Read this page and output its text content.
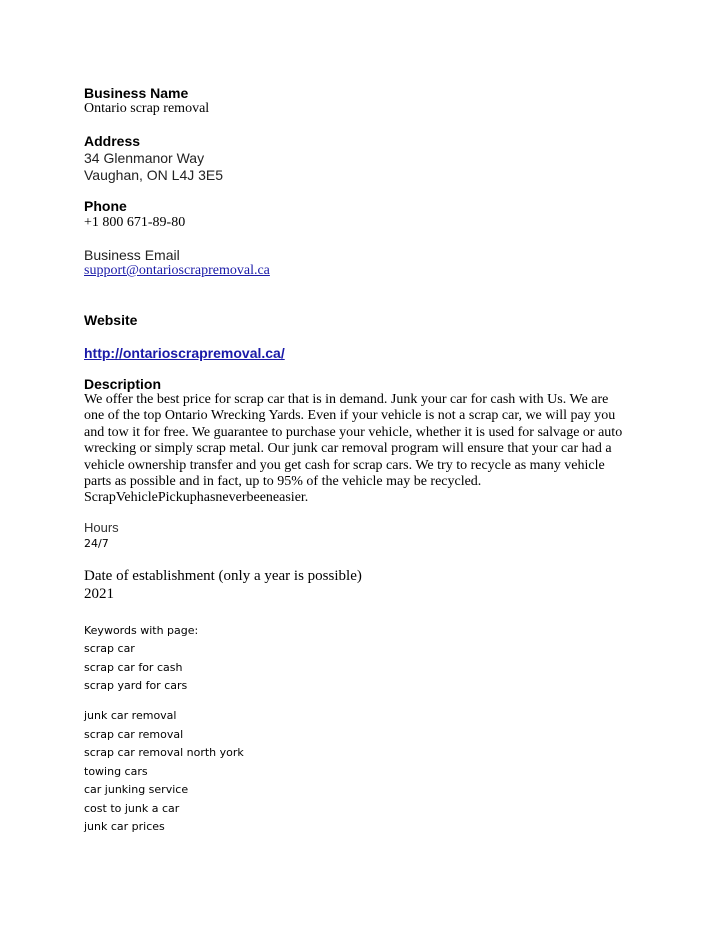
Business Name
Ontario scrap removal
Address
34 Glenmanor Way
Vaughan, ON L4J 3E5
Phone
+1 800 671-89-80
Business Email
support@ontarioscrapremoval.ca
Website
http://ontarioscrapremoval.ca/
Description

We offer the best price for scrap car that is in demand. Junk your car for cash with Us. We are
one of the top Ontario Wrecking Yards. Even if your vehicle is not a scrap car, we will pay you
and tow it for free. We guarantee to purchase your vehicle, whether it is used for salvage or auto
wrecking or simply scrap metal. Our junk car removal program will ensure that your car had a
vehicle ownership transfer and you get cash for scrap cars. We try to recycle as many vehicle
parts as possible and in fact, up to 95% of the vehicle may be recycled.
ScrapVehiclePickuphasneverbeeneasier.

Hours
24/7
Date of establishment (only a year is possible)
2021
Keywords with page:
scrap car
scrap car for cash
scrap yard for cars
junk car removal
scrap car removal
scrap car removal north york
towing cars
car junking service
cost to junk a car
junk car prices
